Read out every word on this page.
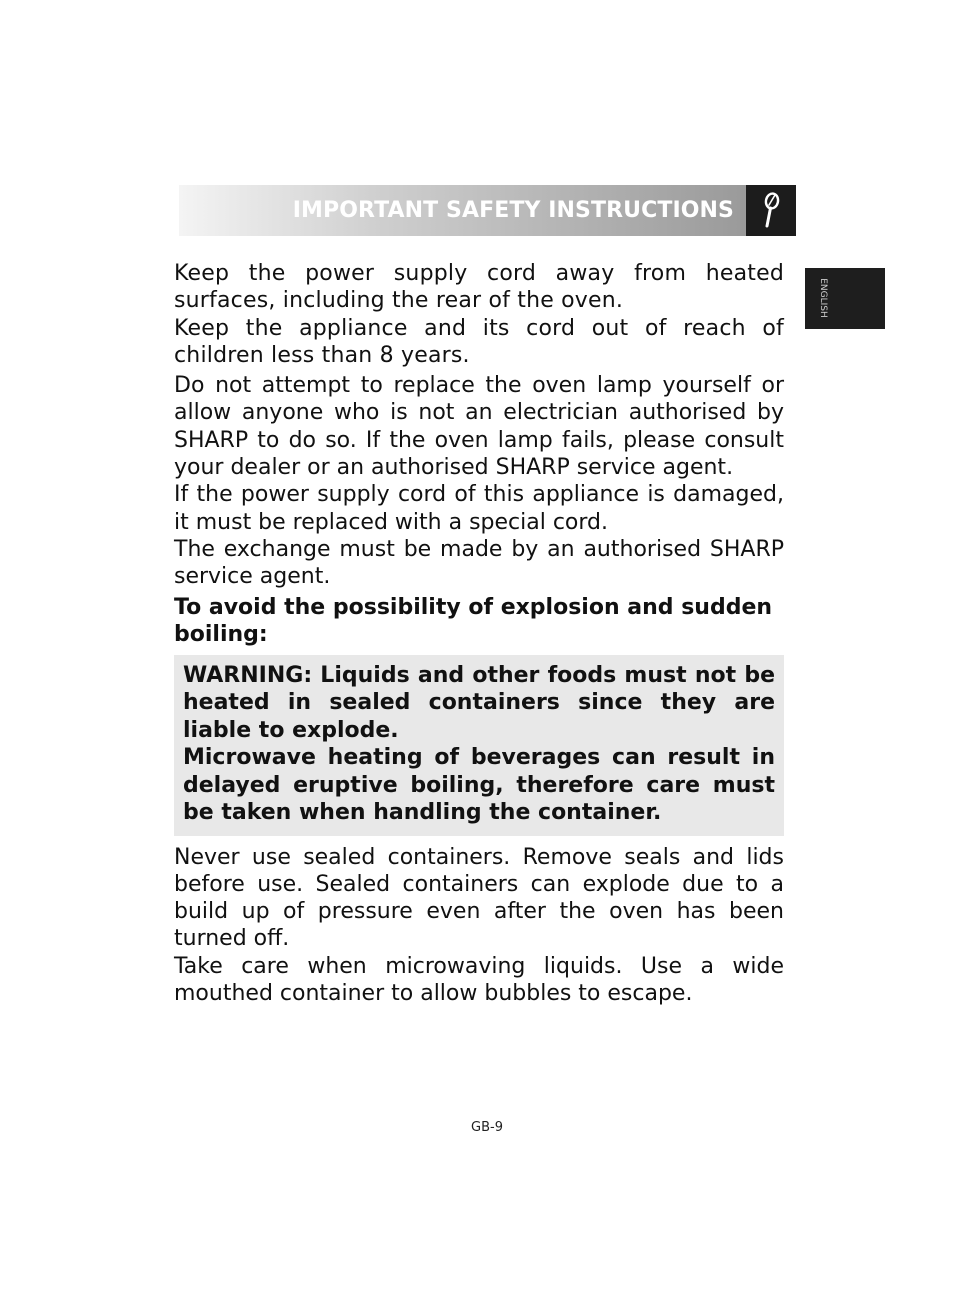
IMPORTANT SAFETY INSTRUCTIONS
ENGLISH

Keep the power supply cord away from heated surfaces, including the rear of the oven.

Keep the appliance and its cord out of reach of children less than 8 years.

Do not attempt to replace the oven lamp yourself or allow anyone who is not an electrician authorised by SHARP to do so. If the oven lamp fails, please consult your dealer or an authorised SHARP service agent.

If the power supply cord of this appliance is damaged, it must be replaced with a special cord.

The exchange must be made by an authorised SHARP service agent.

To avoid the possibility of explosion and sudden boiling:

WARNING: Liquids and other foods must not be heated in sealed containers since they are liable to explode.

Microwave heating of beverages can result in delayed eruptive boiling, therefore care must be taken when handling the container.

Never use sealed containers. Remove seals and lids before use. Sealed containers can explode due to a build up of pressure even after the oven has been turned off.

Take care when microwaving liquids. Use a wide mouthed container to allow bubbles to escape.

GB-9
